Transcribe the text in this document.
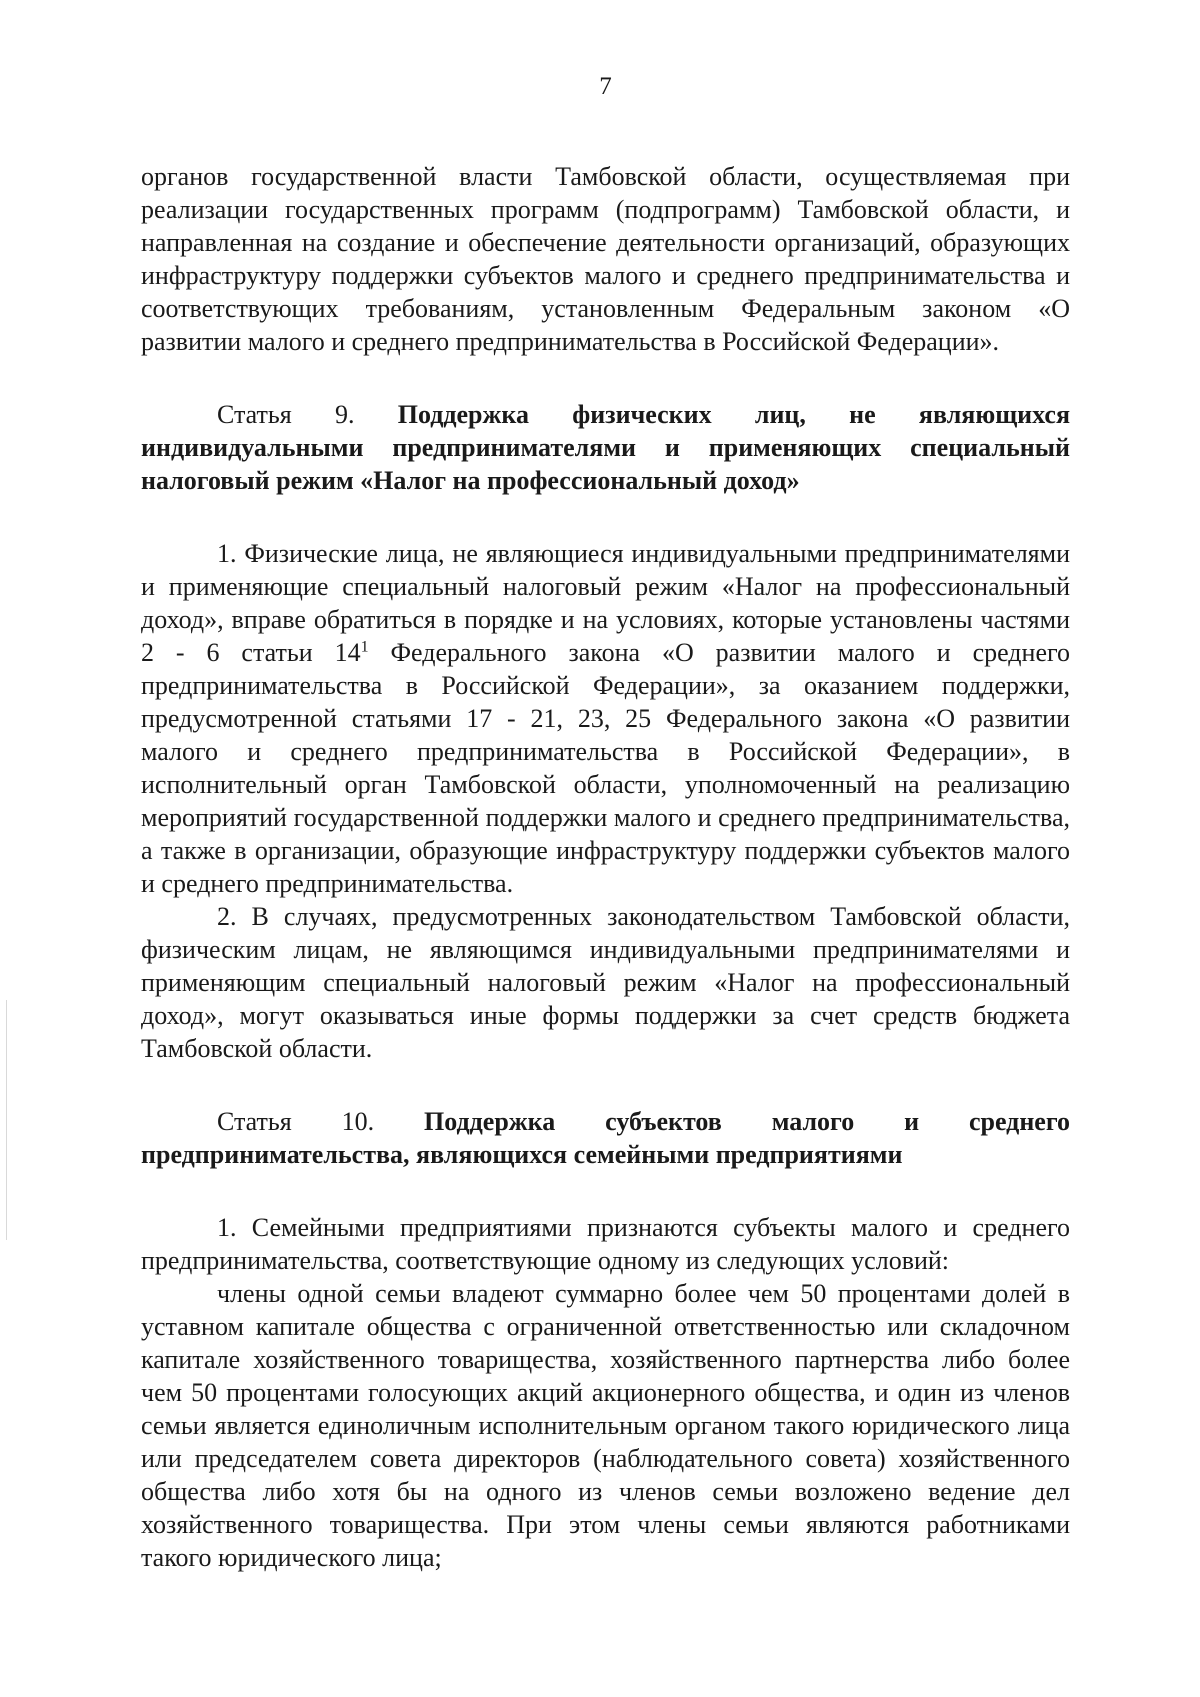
7

органов государственной власти Тамбовской области, осуществляемая при реализации государственных программ (подпрограмм) Тамбовской области, и направленная на создание и обеспечение деятельности организаций, образующих инфраструктуру поддержки субъектов малого и среднего предпринимательства и соответствующих требованиям, установленным Федеральным законом «О развитии малого и среднего предпринимательства в Российской Федерации».

Статья 9. Поддержка физических лиц, не являющихся индивидуальными предпринимателями и применяющих специальный налоговый режим «Налог на профессиональный доход»

1. Физические лица, не являющиеся индивидуальными предпринимателями и применяющие специальный налоговый режим «Налог на профессиональный доход», вправе обратиться в порядке и на условиях, которые установлены частями 2 - 6 статьи $14^1$ Федерального закона «О развитии малого и среднего предпринимательства в Российской Федерации», за оказанием поддержки, предусмотренной статьями 17 - 21, 23, 25 Федерального закона «О развитии малого и среднего предпринимательства в Российской Федерации», в исполнительный орган Тамбовской области, уполномоченный на реализацию мероприятий государственной поддержки малого и среднего предпринимательства, а также в организации, образующие инфраструктуру поддержки субъектов малого и среднего предпринимательства.

2. В случаях, предусмотренных законодательством Тамбовской области, физическим лицам, не являющимся индивидуальными предпринимателями и применяющим специальный налоговый режим «Налог на профессиональный доход», могут оказываться иные формы поддержки за счет средств бюджета Тамбовской области.

Статья 10. Поддержка субъектов малого и среднего предпринимательства, являющихся семейными предприятиями

1. Семейными предприятиями признаются субъекты малого и среднего предпринимательства, соответствующие одному из следующих условий:

члены одной семьи владеют суммарно более чем 50 процентами долей в уставном капитале общества с ограниченной ответственностью или складочном капитале хозяйственного товарищества, хозяйственного партнерства либо более чем 50 процентами голосующих акций акционерного общества, и один из членов семьи является единоличным исполнительным органом такого юридического лица или председателем совета директоров (наблюдательного совета) хозяйственного общества либо хотя бы на одного из членов семьи возложено ведение дел хозяйственного товарищества. При этом члены семьи являются работниками такого юридического лица;
